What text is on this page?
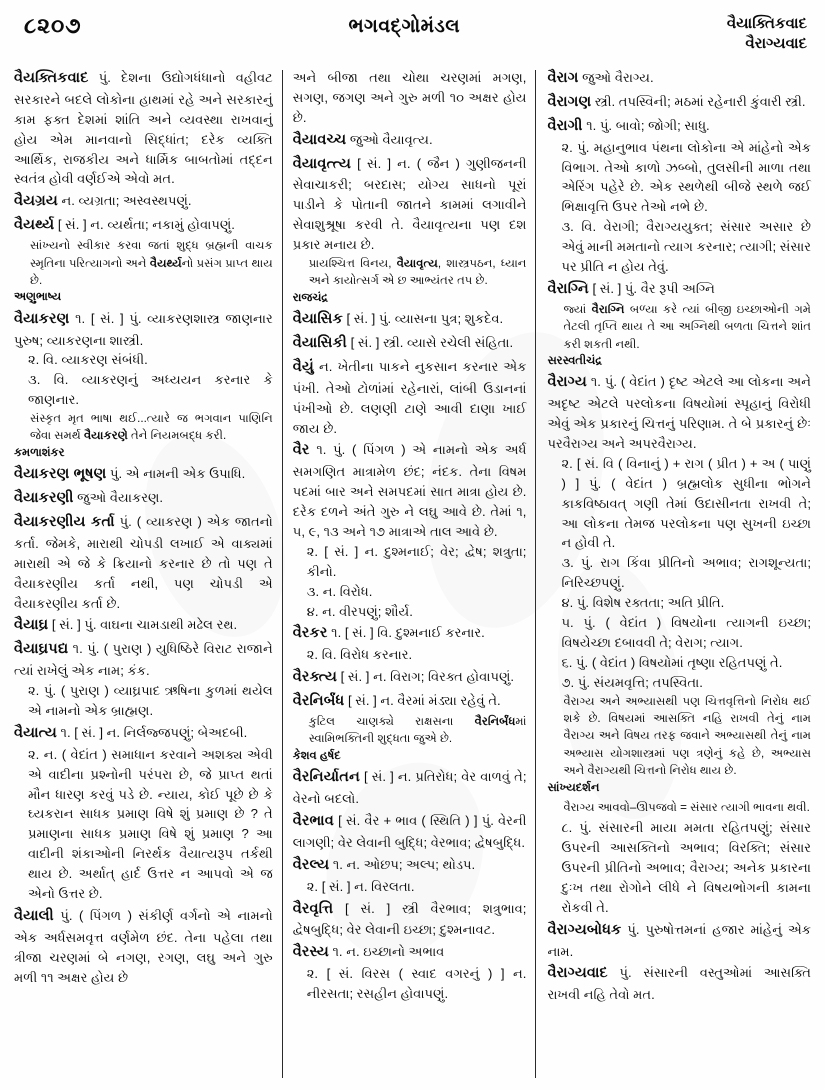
૮૨૦૭	ભગવદ્ગોમંડલ	વૈયાક્તિકવાદ
વૈરાગ્યવાદ

વૈયક્તિકવાદ પું. દેશના ઉદ્યોગધંધાનો વહીવટ સરકારને બદલે લોકોના હાથમાં રહે અને સરકારનું કામ ફક્ત દેશમાં શાંતિ અને વ્યવસ્થા રાખવાનું હોય એમ માનવાનો સિદ્ધાંત; દરેક વ્યક્તિ આર્થિક, રાજકીય અને ધાર્મિક બાબતોમાં તદ્દન સ્વતંત્ર હોવી વર્ણઈએ એવો મત.

વૈયગ્રય ન. વ્યગ્રતા; અસ્વસ્થપણું.

વૈયર્થ્ય [ સં. ] ન. વ્યર્થતા; નકામું હોવાપણું.

સાંખ્યનો સ્વીકાર કરવા જતાં શુદ્ધ બ્રહ્મની વાચક સ્મૃતિના પરિત્યાગનો અને વૈયર્થ્યનો પ્રસંગ પ્રાપ્ત થાય છે.

અણુભાષ્ય

વૈયાકરણ ૧. [ સં. ] પું. વ્યાકરણશાસ્ત્ર જાણનાર પુરુષ; વ્યાકરણના શાસ્ત્રી.

૨. વિ. વ્યાકરણ સંબંધી.

૩. વિ. વ્યાકરણનું અધ્યયન કરનાર કે જાણનાર.

સંસ્કૃત મૃત ભાષા થઈ...ત્યારે જ ભગવાન પાણિનિ જેવા સમર્થ વૈયાકરણે તેને નિયમબદ્ધ કરી.

કમળાશંકર

વૈયાકરણ ભૂષણ પું. એ નામની એક ઉપાધિ.

વૈયાકરણી જુઓ વૈયાકરણ.

વૈયાકરણીય કર્તા પું. ( વ્યાકરણ ) એક જાતનો કર્તા. જેમકે, મારાથી ચોપડી લખાઈ એ વાક્યમાં મારાથી એ જે કે ક્રિયાનો કરનાર છે તો પણ તે વૈયાકરણીય કર્તા નથી, પણ ચોપડી એ વૈયાકરણીય કર્તા છે.

વૈયાઘ્ર [ સં. ] પું. વાઘના ચામડાથી મઢેલ રથ.

વૈયાઘ્રપદ્ય ૧. પું. ( પુરાણ ) યુધિષ્ઠિરે વિરાટ રાજાને ત્યાં રાખેલું એક નામ; કંક.

૨. પું. ( પુરાણ ) વ્યાઘ્રપાદ ઋષિના કુળમાં થયેલ એ નામનો એક બ્રાહ્મણ.

વૈયાત્ય ૧. [ સં. ] ન. નિર્લજ્જપણું; બેઅદબી.

૨. ન. ( વેદાંત ) સમાધાન કરવાને અશક્ય એવી એ વાદીના પ્રશ્નોની પરંપરા છે, જે પ્રાપ્ત થતાં મૌન ધારણ કરવું પડે છે. ન્યાય, કોઈ પૂછે છે કે ઘ્યકરાન સાધક પ્રમાણ વિષે શું પ્રમાણ છે ? તે પ્રમાણના સાધક પ્રમાણ વિષે શું પ્રમાણ ? આ વાદીની શંકાઓની નિરર્થક વૈયાત્યરૂપ તર્કથી થાય છે. અર્થાત્ હાર્દ ઉત્તર ન આપવો એ જ એનો ઉત્તર છે.

વૈયાલી પું. ( પિંગળ ) સંકીર્ણ વર્ગનો એ નામનો એક અર્ધસમવૃત્ત વર્ણમેળ છંદ. તેના પહેલા તથા ત્રીજા ચરણમાં બે નગણ, રગણ, લઘુ અને ગુરુ મળી ૧૧ અક્ષર હોય છે

અને બીજા તથા ચોથા ચરણમાં મગણ, સગણ, જગણ અને ગુરુ મળી ૧૦ અક્ષર હોય છે.

વૈયાવચ્ચ જુઓ વૈયાવૃત્ય.

વૈયાવૃત્ત્ય [ સં. ] ન. ( જૈન ) ગુણીજનની સેવાચાકરી; બરદાસ; યોગ્ય સાધનો પૂરાં પાડીને કે પોતાની જાતને કામમાં લગાવીને સેવાશુશ્રૂષા કરવી તે. વૈયાવૃત્યના પણ દશ પ્રકાર મનાય છે.

પ્રાયશ્ચિત્ત વિનય, વૈયાવૃત્ય, શાસ્ત્રપઠન, ધ્યાન અને કાયોત્સર્ગ એ છ આભ્યંતર તપ છે.

રાજચંદ્ર

વૈયાસિક [ સં. ] પું. વ્યાસના પુત્ર; શુકદેવ.

વૈયાસિકી [ સં. ] સ્ત્રી. વ્યાસે રચેલી સંહિતા.

વૈયું ન. ખેતીના પાકને નુકસાન કરનાર એક પંખી. તેઓ ટોળાંમાં રહેનારાં, લાંબી ઉડાનનાં પંખીઓ છે. લણણી ટાણે આવી દાણા ખાઈ જાય છે.

વૈર ૧. પું. ( પિંગળ ) એ નામનો એક અર્ધ સમગણિત માત્રામેળ છંદ; નંદક. તેના વિષમ પદમાં બાર અને સમપદમાં સાત માત્રા હોય છે. દરેક દળને અંતે ગુરુ ને લઘુ આવે છે. તેમાં ૧, ૫, ૯, ૧૩ અને ૧૭ માત્રાએ તાલ આવે છે.

૨. [ સં. ] ન. દુશ્મનાઈ; વેર; દ્વેષ; શત્રુતા; કીનો.

૩. ન. વિરોધ.

૪. ન. વીરપણું; શૌર્ય.

વૈરકર ૧. [ સં. ] વિ. દુશ્મનાઈ કરનાર.

૨. વિ. વિરોધ કરનાર.

વૈરક્ત્ય [ સં. ] ન. વિરાગ; વિરક્ત હોવાપણું.

વૈરનિર્બંધ [ સં. ] ન. વૈરમાં મંડ્યા રહેવું તે.

કુટિલ ચાણક્યે રાક્ષસના વૈરનિર્બંધમાં સ્વામિભક્તિની શુદ્ધતા જુએ છે.

કેશવ હર્ષદ

વૈરનિર્યાતન [ સં. ] ન. પ્રતિરોધ; વેર વાળવું તે; વેરનો બદલો.

વૈરભાવ [ સં. વૈર + ભાવ ( સ્થિતિ ) ] પું. વેરની લાગણી; વેર લેવાની બુદ્ધિ; વેરભાવ; દ્વેષબુદ્ધિ.

વૈરલ્ય ૧. ન. ઓછપ; અલ્પ; થોડપ.

૨. [ સં. ] ન. વિરલતા.

વૈરવૃત્તિ [ સં. ] સ્ત્રી વૈરભાવ; શત્રુભાવ; દ્વેષબુદ્ધિ; વેર લેવાની ઇચ્છા; દુશ્મનાવટ.

વૈરસ્ય ૧. ન. ઇચ્છાનો અભાવ

૨. [ સં. વિરસ ( સ્વાદ વગરનું ) ] ન. નીરસતા; રસહીન હોવાપણું.

વૈરાગ જુઓ વૈરાગ્ય.

વૈરાગણ સ્ત્રી. તપસ્વિની; મઠમાં રહેનારી કુંવારી સ્ત્રી.

વૈરાગી ૧. પું. બાવો; જોગી; સાધુ.

૨. પું. મહાનુભાવ પંથના લોકોના એ માંહેનો એક વિભાગ. તેઓ કાળો ઝબ્બો, તુલસીની માળા તથા એરિંગ પહેરે છે. એક સ્થળેથી બીજે સ્થળે જઈ ભિક્ષાવૃત્તિ ઉપર તેઓ નભે છે.

૩. વિ. વેરાગી; વૈરાગ્યયુક્ત; સંસાર અસાર છે એવું માની મમતાનો ત્યાગ કરનાર; ત્યાગી; સંસાર પર પ્રીતિ ન હોય તેવું.

વૈરાગ્નિ [ સં. ] પું. વૈર રૂપી અગ્નિ

જ્યાં વૈરાગ્નિ બળ્યા કરે ત્યાં બીજી ઇચ્છાઓની ગમે તેટલી તૃપ્તિ થાય તે આ અગ્નિથી બળતા ચિત્તને શાંત કરી શકતી નથી.

સરસ્વતીચંદ્ર

વૈરાગ્ય ૧. પું. ( વેદાંત ) દૃષ્ટ એટલે આ લોકના અને અદૃષ્ટ એટલે પરલોકના વિષયોમાં સ્પૃહાનું વિરોધી એવું એક પ્રકારનું ચિત્તનું પરિણામ. તે બે પ્રકારનું છેઃ પરવૈરાગ્ય અને અપરવૈરાગ્ય.

૨. [ સં. વિ ( વિનાનું ) + રાગ ( પ્રીત ) + અ ( પાણું ) ] પું. ( વેદાંત ) બ્રહ્મલોક સુધીના ભોગને કાકવિષ્ઠાવત્ ગણી તેમાં ઉદાસીનતા રાખવી તે; આ લોકના તેમજ પરલોકના પણ સુખની ઇચ્છા ન હોવી તે.

૩. પું. રાગ કિંવા પ્રીતિનો અભાવ; રાગશૂન્યતા; નિરિચ્છપણું.

૪. પું. વિશેષ રક્તતા; અતિ પ્રીતિ.

૫. પું. ( વેદાંત ) વિષયોના ત્યાગની ઇચ્છા; વિષયેચ્છા દબાવવી તે; વેરાગ; ત્યાગ.

૬. પું. ( વેદાંત ) વિષયોમાં તૃષ્ણા રહિતપણું તે.

૭. પું. સંયમવૃત્તિ; તપસ્વિતા.

વૈરાગ્ય અને અભ્યાસથી પણ ચિત્તવૃત્તિનો નિરોધ થઈ શકે છે. વિષયમાં આસક્તિ નહિ રાખવી તેનું નામ વૈરાગ્ય અને વિષય તરફ જવાને અભ્યાસથી તેનું નામ અભ્યાસ યોગશાસ્ત્રમાં પણ ત્રણેનું કહે છે, અભ્યાસ અને વૈરાગ્યથી ચિત્તનો નિરોધ થાય છે.

સાંખ્યદર્શન

વૈરાગ્ય આવવો–ઊપજવો = સંસાર ત્યાગી ભાવના થવી.

૮. પું. સંસારની માયા મમતા રહિતપણું; સંસાર ઉપરની આસક્તિનો અભાવ; વિરક્તિ; સંસાર ઉપરની પ્રીતિનો અભાવ; વૈરાગ્ય; અનેક પ્રકારના દુઃખ તથા રોગોને લીધે ને વિષયભોગની કામના રોકવી તે.

વૈરાગ્યબોધક પું. પુરુષોત્તમનાં હજાર માંહેનું એક નામ.

વૈરાગ્યવાદ પું. સંસારની વસ્તુઓમાં આસક્તિ રાખવી નહિ તેવો મત.
